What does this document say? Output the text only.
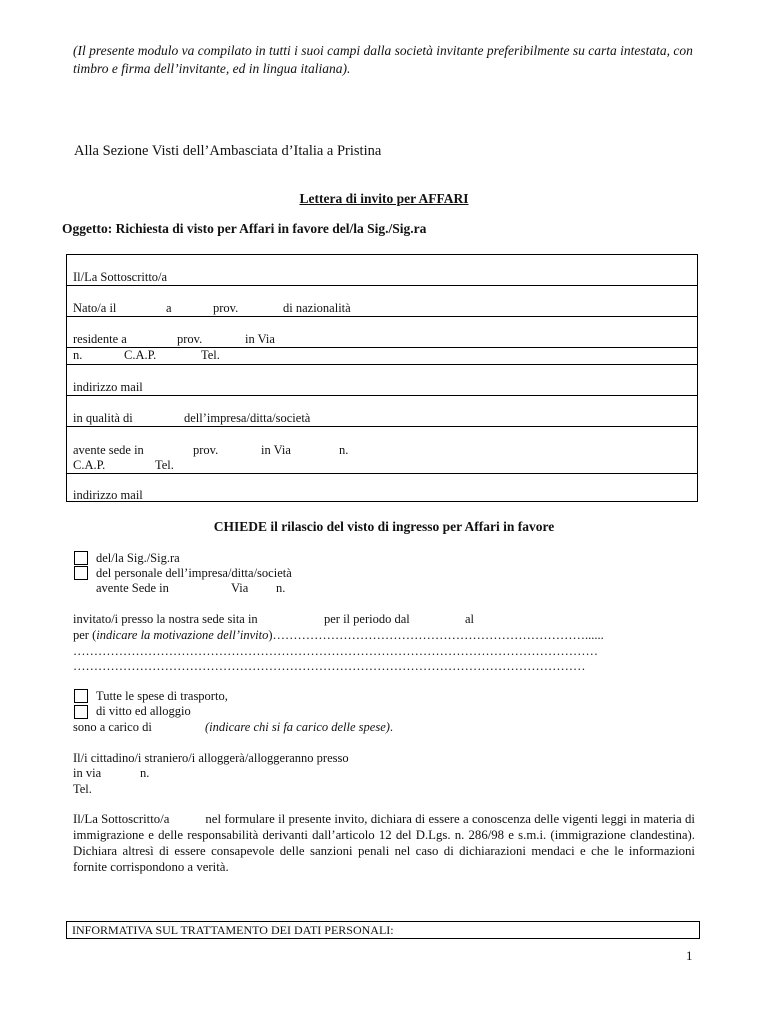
(Il presente modulo va compilato in tutti i suoi campi dalla società invitante preferibilmente su carta intestata, con timbro e firma dell’invitante, ed in lingua italiana).
Alla Sezione Visti dell’Ambasciata d’Italia a Pristina
Lettera di invito per AFFARI
Oggetto: Richiesta di visto per Affari in favore del/la Sig./Sig.ra
Il/La Sottoscritto/a
Nato/a il	a	prov.	di nazionalità
residente a	prov.	in Via
n.	C.A.P.	Tel.
indirizzo mail
in qualità di	dell’impresa/ditta/società
avente sede in	prov.	in Via	n.
C.A.P.	Tel.
indirizzo mail
CHIEDE il rilascio del visto di ingresso per Affari in favore
del/la Sig./Sig.ra
del personale dell’impresa/ditta/società
avente Sede in	Via n.
invitato/i presso la nostra sede sita in	per il periodo dal	al
per (indicare la motivazione dell’invito)…………………………………………………………………......
………………………………………………………………………………………………………………
……………………………………………………………………………………………………………
Tutte le spese di trasporto,
di vitto ed alloggio
sono a carico di	(indicare chi si fa carico delle spese).
Il/i cittadino/i straniero/i alloggerà/alloggeranno presso
in via	n.
Tel.
Il/La Sottoscritto/a	nel formulare il presente invito, dichiara di essere a conoscenza delle vigenti leggi in materia di immigrazione e delle responsabilità derivanti dall’articolo 12 del D.Lgs. n. 286/98 e s.m.i. (immigrazione clandestina). Dichiara altresì di essere consapevole delle sanzioni penali nel caso di dichiarazioni mendaci e che le informazioni fornite corrispondono a verità.
INFORMATIVA SUL TRATTAMENTO DEI DATI PERSONALI:
1
